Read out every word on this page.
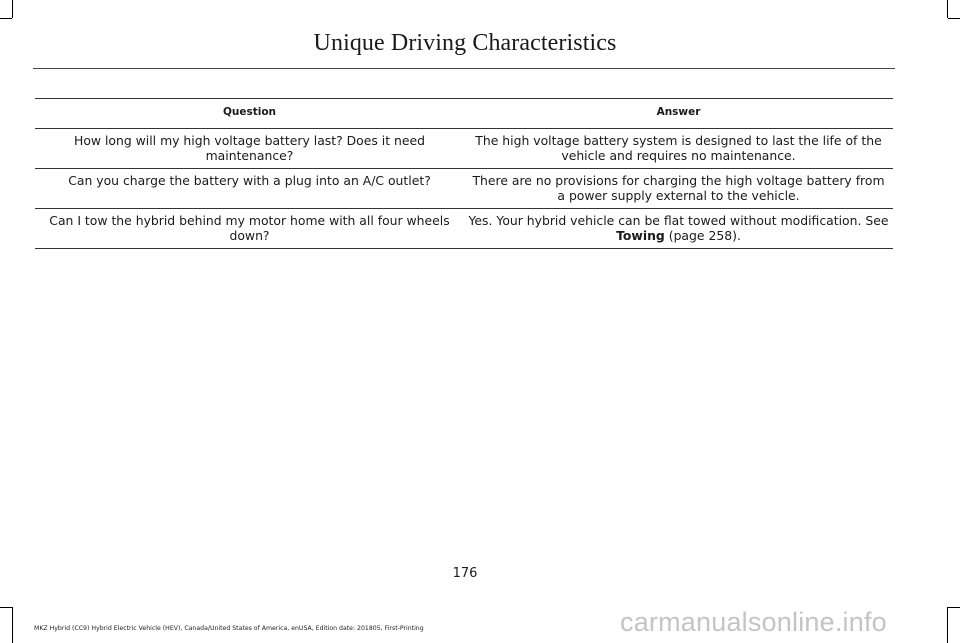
Unique Driving Characteristics
Question	Answer
How long will my high voltage battery last? Does it need maintenance?	The high voltage battery system is designed to last the life of the vehicle and requires no maintenance.
Can you charge the battery with a plug into an A/C outlet?	There are no provisions for charging the high voltage battery from a power supply external to the vehicle.
Can I tow the hybrid behind my motor home with all four wheels down?	Yes. Your hybrid vehicle can be flat towed without modification. See Towing (page 258).
176
MKZ Hybrid (CC9) Hybrid Electric Vehicle (HEV), Canada/United States of America, enUSA, Edition date: 201805, First-Printing	carmanualsonline.info
